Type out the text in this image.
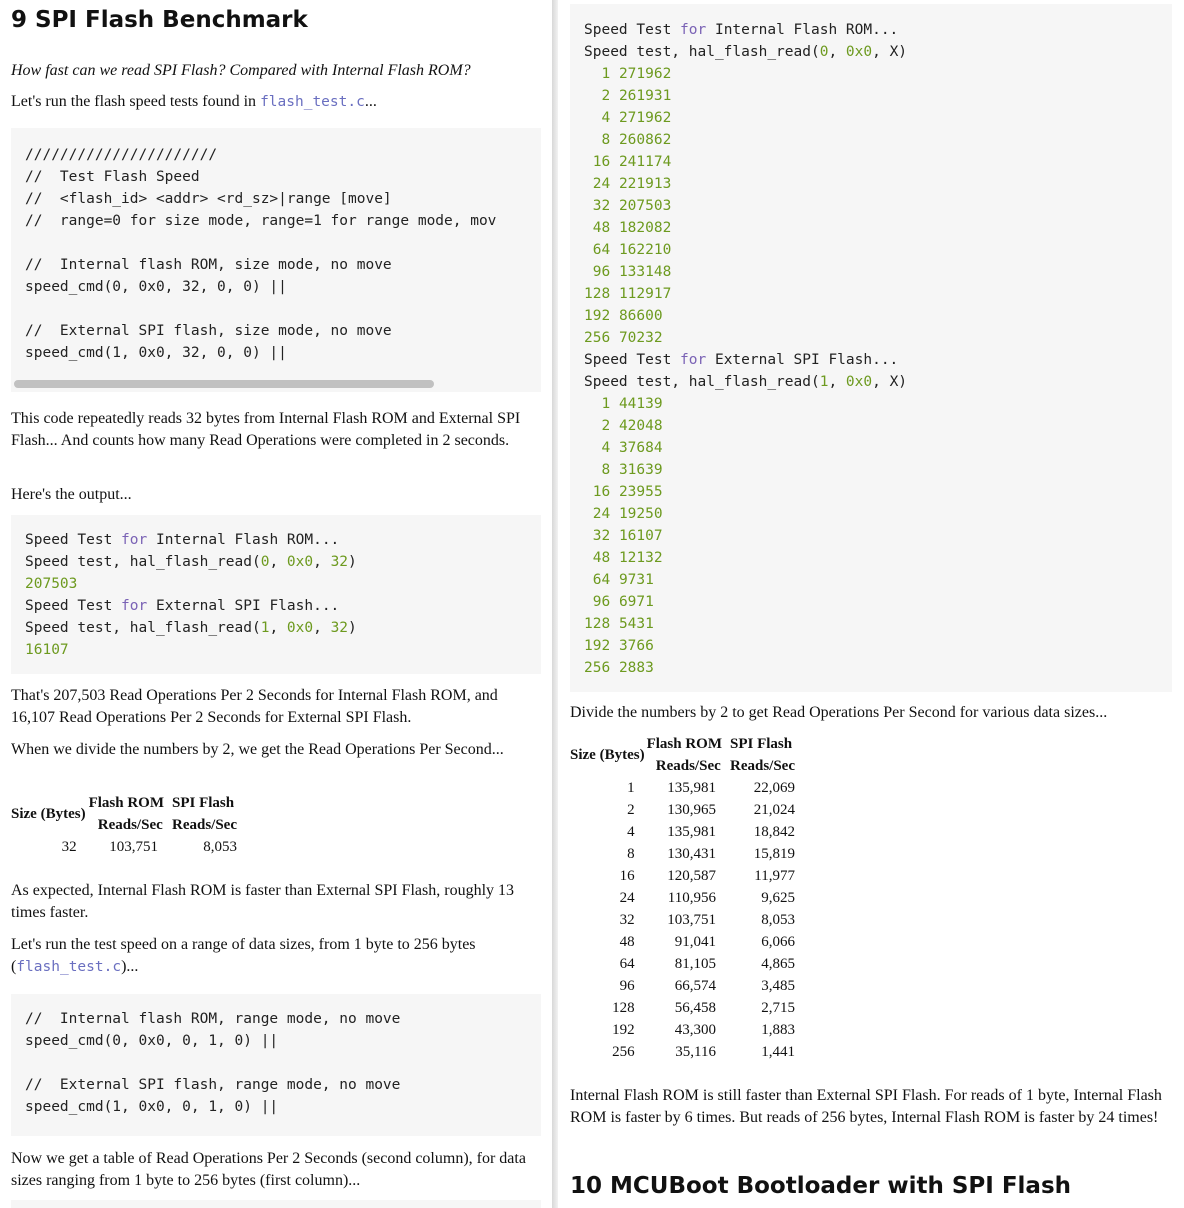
9 SPI Flash Benchmark

How fast can we read SPI Flash? Compared with Internal Flash ROM?

Let's run the flash speed tests found in flash_test.c...

//////////////////////
//  Test Flash Speed
//  <flash_id> <addr> <rd_sz>|range [move]
//  range=0 for size mode, range=1 for range mode, mov

//  Internal flash ROM, size mode, no move
speed_cmd(0, 0x0, 32, 0, 0) ||

//  External SPI flash, size mode, no move
speed_cmd(1, 0x0, 32, 0, 0) ||

This code repeatedly reads 32 bytes from Internal Flash ROM and External SPI Flash... And counts how many Read Operations were completed in 2 seconds.

Here's the output...

Speed Test for Internal Flash ROM...
Speed test, hal_flash_read(0, 0x0, 32)
207503
Speed Test for External SPI Flash...
Speed test, hal_flash_read(1, 0x0, 32)
16107

That's 207,503 Read Operations Per 2 Seconds for Internal Flash ROM, and 16,107 Read Operations Per 2 Seconds for External SPI Flash.

When we divide the numbers by 2, we get the Read Operations Per Second...

Size (Bytes)	Flash ROM	SPI Flash
	Reads/Sec	Reads/Sec
32	103,751	8,053

As expected, Internal Flash ROM is faster than External SPI Flash, roughly 13 times faster.

Let's run the test speed on a range of data sizes, from 1 byte to 256 bytes (flash_test.c)...

//  Internal flash ROM, range mode, no move
speed_cmd(0, 0x0, 0, 1, 0) ||

//  External SPI flash, range mode, no move
speed_cmd(1, 0x0, 0, 1, 0) ||

Now we get a table of Read Operations Per 2 Seconds (second column), for data sizes ranging from 1 byte to 256 bytes (first column)...

Speed Test for Internal Flash ROM...
Speed test, hal_flash_read(0, 0x0, X)
1 271962
2 261931
4 271962
8 260862
16 241174
24 221913
32 207503
48 182082
64 162210
96 133148
128 112917
192 86600
256 70232
Speed Test for External SPI Flash...
Speed test, hal_flash_read(1, 0x0, X)
1 44139
2 42048
4 37684
8 31639
16 23955
24 19250
32 16107
48 12132
64 9731
96 6971
128 5431
192 3766
256 2883

Divide the numbers by 2 to get Read Operations Per Second for various data sizes...

Size (Bytes)	Flash ROM	SPI Flash
	Reads/Sec	Reads/Sec
1	135,981	22,069
2	130,965	21,024
4	135,981	18,842
8	130,431	15,819
16	120,587	11,977
24	110,956	9,625
32	103,751	8,053
48	91,041	6,066
64	81,105	4,865
96	66,574	3,485
128	56,458	2,715
192	43,300	1,883
256	35,116	1,441

Internal Flash ROM is still faster than External SPI Flash. For reads of 1 byte, Internal Flash ROM is faster by 6 times. But reads of 256 bytes, Internal Flash ROM is faster by 24 times!

10 MCUBoot Bootloader with SPI Flash
